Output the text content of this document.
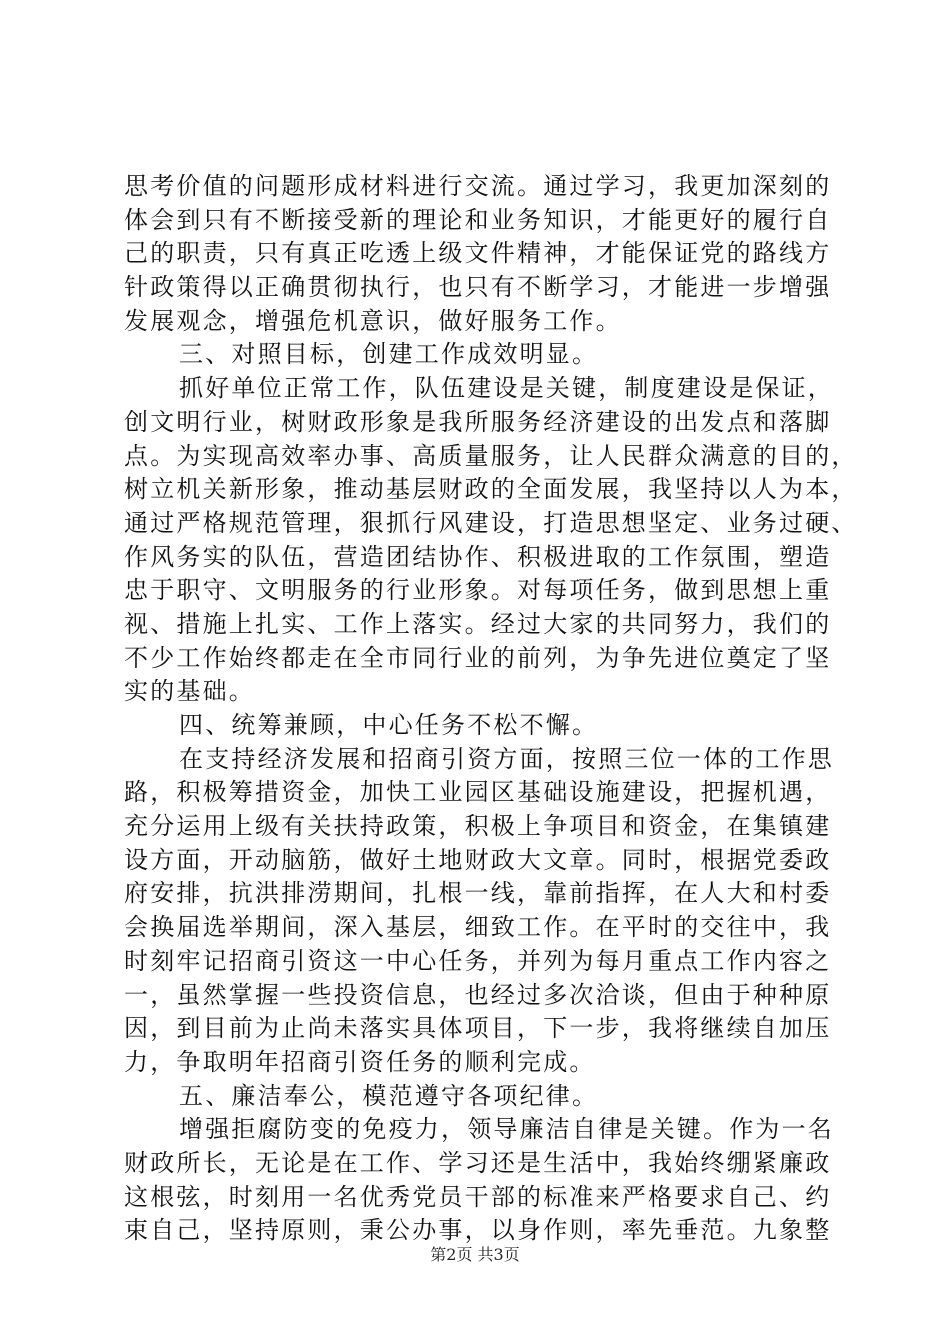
思考价值的问题形成材料进行交流。通过学习，我更加深刻的
体会到只有不断接受新的理论和业务知识，才能更好的履行自
己的职责，只有真正吃透上级文件精神，才能保证党的路线方
针政策得以正确贯彻执行，也只有不断学习，才能进一步增强
发展观念，增强危机意识，做好服务工作。
三、对照目标，创建工作成效明显。
抓好单位正常工作，队伍建设是关键，制度建设是保证，
创文明行业，树财政形象是我所服务经济建设的出发点和落脚
点。为实现高效率办事、高质量服务，让人民群众满意的目的，
树立机关新形象，推动基层财政的全面发展，我坚持以人为本，
通过严格规范管理，狠抓行风建设，打造思想坚定、业务过硬、
作风务实的队伍，营造团结协作、积极进取的工作氛围，塑造
忠于职守、文明服务的行业形象。对每项任务，做到思想上重
视、措施上扎实、工作上落实。经过大家的共同努力，我们的
不少工作始终都走在全市同行业的前列，为争先进位奠定了坚
实的基础。
四、统筹兼顾，中心任务不松不懈。
在支持经济发展和招商引资方面，按照三位一体的工作思
路，积极筹措资金，加快工业园区基础设施建设，把握机遇，
充分运用上级有关扶持政策，积极上争项目和资金，在集镇建
设方面，开动脑筋，做好土地财政大文章。同时，根据党委政
府安排，抗洪排涝期间，扎根一线，靠前指挥，在人大和村委
会换届选举期间，深入基层，细致工作。在平时的交往中，我
时刻牢记招商引资这一中心任务，并列为每月重点工作内容之
一，虽然掌握一些投资信息，也经过多次洽谈，但由于种种原
因，到目前为止尚未落实具体项目，下一步，我将继续自加压
力，争取明年招商引资任务的顺利完成。
五、廉洁奉公，模范遵守各项纪律。
增强拒腐防变的免疫力，领导廉洁自律是关键。作为一名
财政所长，无论是在工作、学习还是生活中，我始终绷紧廉政
这根弦，时刻用一名优秀党员干部的标准来严格要求自己、约
束自己，坚持原则，秉公办事，以身作则，率先垂范。九象整
第2页 共3页
